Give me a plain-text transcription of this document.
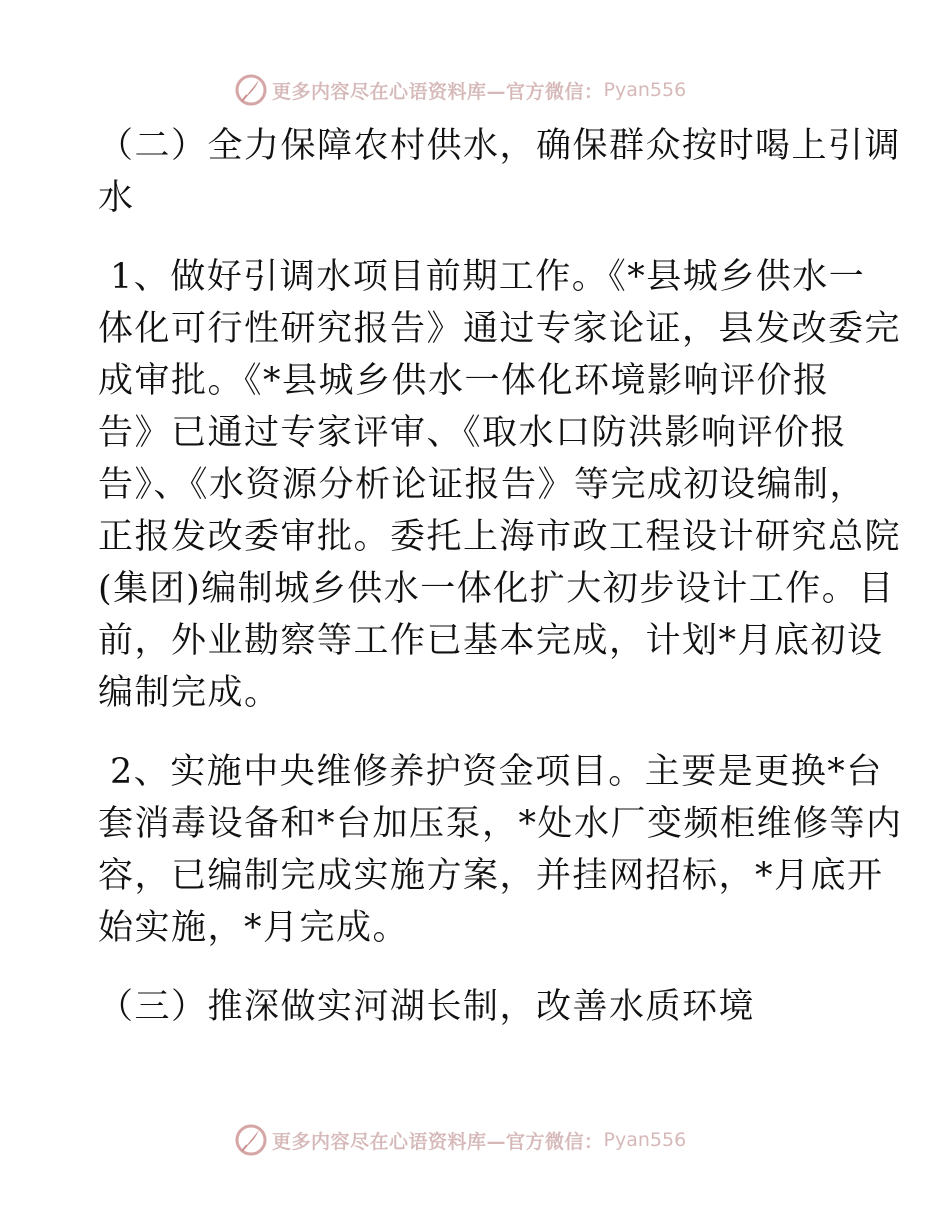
更多内容尽在心语资料库—官方微信： Pyan556
（二）全力保障农村供水，确保群众按时喝上引调
水
1、做好引调水项目前期工作。《*县城乡供水一
体化可行性研究报告》通过专家论证，县发改委完
成审批。《*县城乡供水一体化环境影响评价报
告》已通过专家评审、《取水口防洪影响评价报
告》、《水资源分析论证报告》等完成初设编制，
正报发改委审批。委托上海市政工程设计研究总院
(集团)编制城乡供水一体化扩大初步设计工作。目
前，外业勘察等工作已基本完成，计划*月底初设
编制完成。
2、实施中央维修养护资金项目。主要是更换*台
套消毒设备和*台加压泵，*处水厂变频柜维修等内
容，已编制完成实施方案，并挂网招标，*月底开
始实施，*月完成。
（三）推深做实河湖长制，改善水质环境
更多内容尽在心语资料库—官方微信： Pyan556
